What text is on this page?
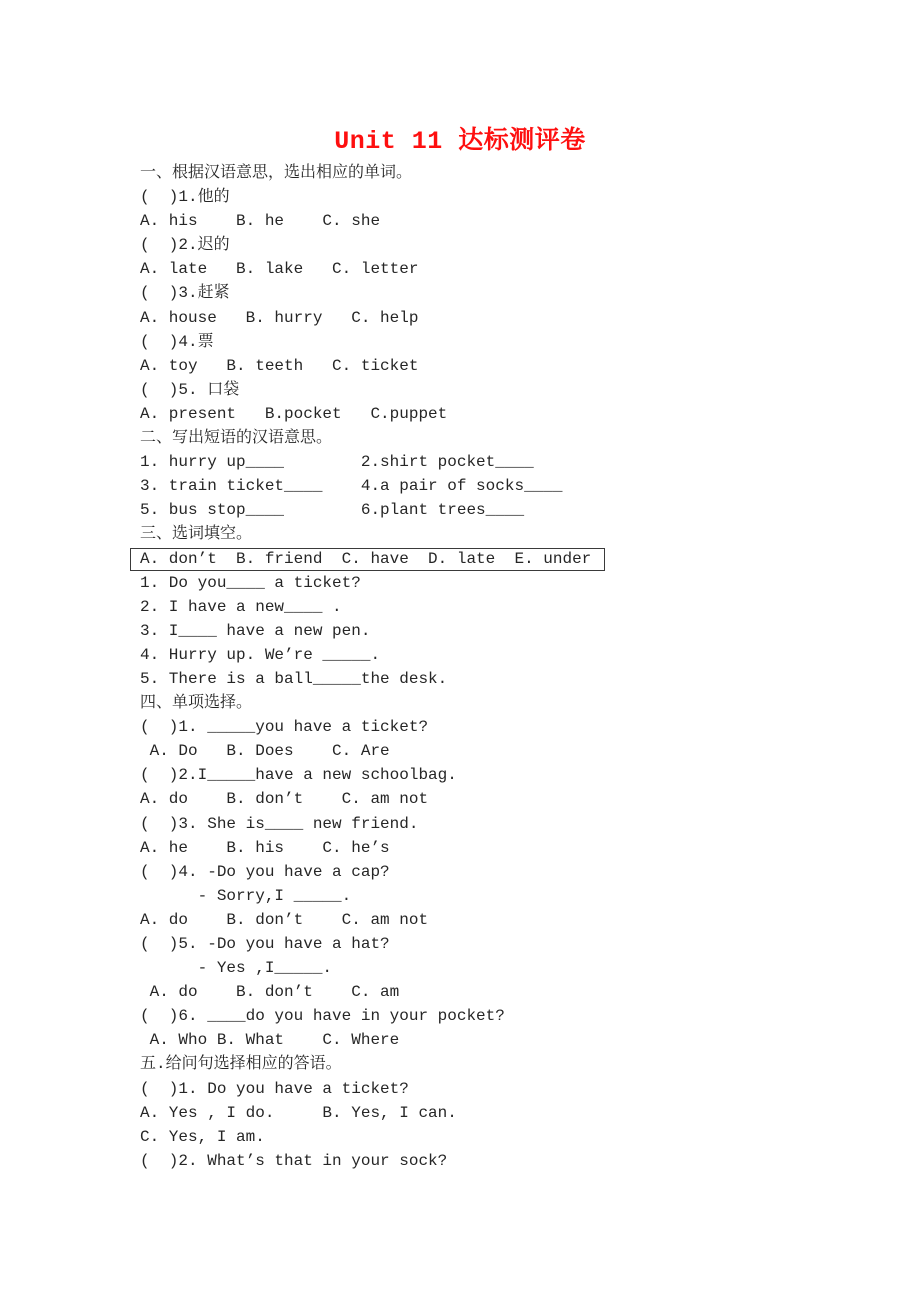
Unit 11 达标测评卷
一、根据汉语意思，选出相应的单词。
(  )1.他的
A. his    B. he    C. she
(  )2.迟的
A. late   B. lake   C. letter
(  )3.赶紧
A. house   B. hurry   C. help
(  )4.票
A. toy   B. teeth   C. ticket
(  )5. 口袋
A. present   B.pocket   C.puppet
二、写出短语的汉语意思。
1. hurry up____        2.shirt pocket____
3. train ticket____    4.a pair of socks____
5. bus stop____        6.plant trees____
三、选词填空。
A. don’t  B. friend  C. have  D. late  E. under
1. Do you____ a ticket?
2. I have a new____ .
3. I____ have a new pen.
4. Hurry up. We’re _____.
5. There is a ball_____the desk.
四、单项选择。
(  )1. _____you have a ticket?
A. Do   B. Does    C. Are
(  )2.I_____have a new schoolbag.
A. do    B. don’t    C. am not
(  )3. She is____ new friend.
A. he    B. his    C. he’s
(  )4. -Do you have a cap?
- Sorry,I _____.
A. do    B. don’t    C. am not
(  )5. -Do you have a hat?
- Yes ,I_____.
A. do    B. don’t    C. am
(  )6. ____do you have in your pocket?
A. Who B. What    C. Where
五.给问句选择相应的答语。
(  )1. Do you have a ticket?
A. Yes , I do.     B. Yes, I can.
C. Yes, I am.
(  )2. What’s that in your sock?
